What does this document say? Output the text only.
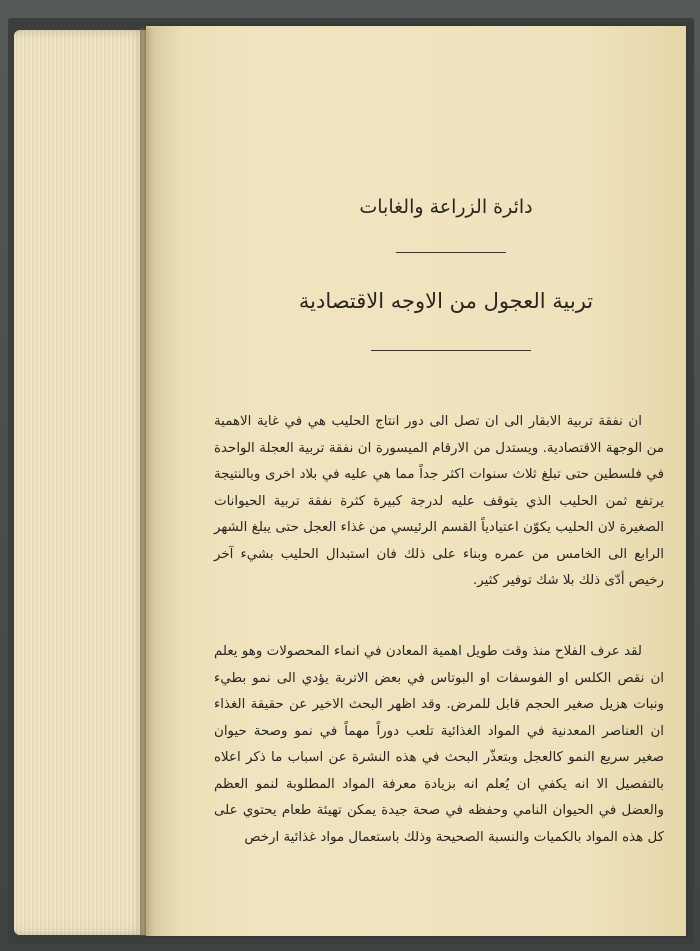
دائرة الزراعة والغابات
تربية العجول من الاوجه الاقتصادية

ان نفقة تربية الابقار الى ان تصل الى دور انتاج الحليب هي في غاية الاهمية من الوجهة الاقتصادية. ويستدل من الارقام الميسورة ان نفقة تربية العجلة الواحدة في فلسطين حتى تبلغ ثلاث سنوات اكثر جداً مما هي عليه في بلاد اخرى وبالنتيجة يرتفع ثمن الحليب الذي يتوقف عليه لدرجة كبيرة كثرة نفقة تربية الحيوانات الصغيرة لان الحليب يكوّن اعتيادياً القسم الرئيسي من غذاء العجل حتى يبلغ الشهر الرابع الى الخامس من عمره وبناء على ذلك فان استبدال الحليب بشيء آخر رخيص أدّى ذلك بلا شك توفير كثير.

لقد عرف الفلاح منذ وقت طويل اهمية المعادن في انماء المحصولات وهو يعلم ان نقص الكلس او الفوسفات او البوتاس في بعض الاتربة يؤدي الى نمو بطيء ونبات هزيل صغير الحجم قابل للمرض. وقد اظهر البحث الاخير عن حقيقة الغذاء ان العناصر المعدنية في المواد الغذائية تلعب دوراً مهماً في نمو وصحة حيوان صغير سريع النمو كالعجل وبتعذّر البحث في هذه النشرة عن اسباب ما ذكر اعلاه بالتفصيل الا انه يكفي ان يُعلم انه بزيادة معرفة المواد المطلوبة لنمو العظم والعضل في الحيوان النامي وحفظه في صحة جيدة يمكن تهيئة طعام يحتوي على كل هذه المواد بالكميات والنسبة الصحيحة وذلك باستعمال مواد غذائية ارخص
